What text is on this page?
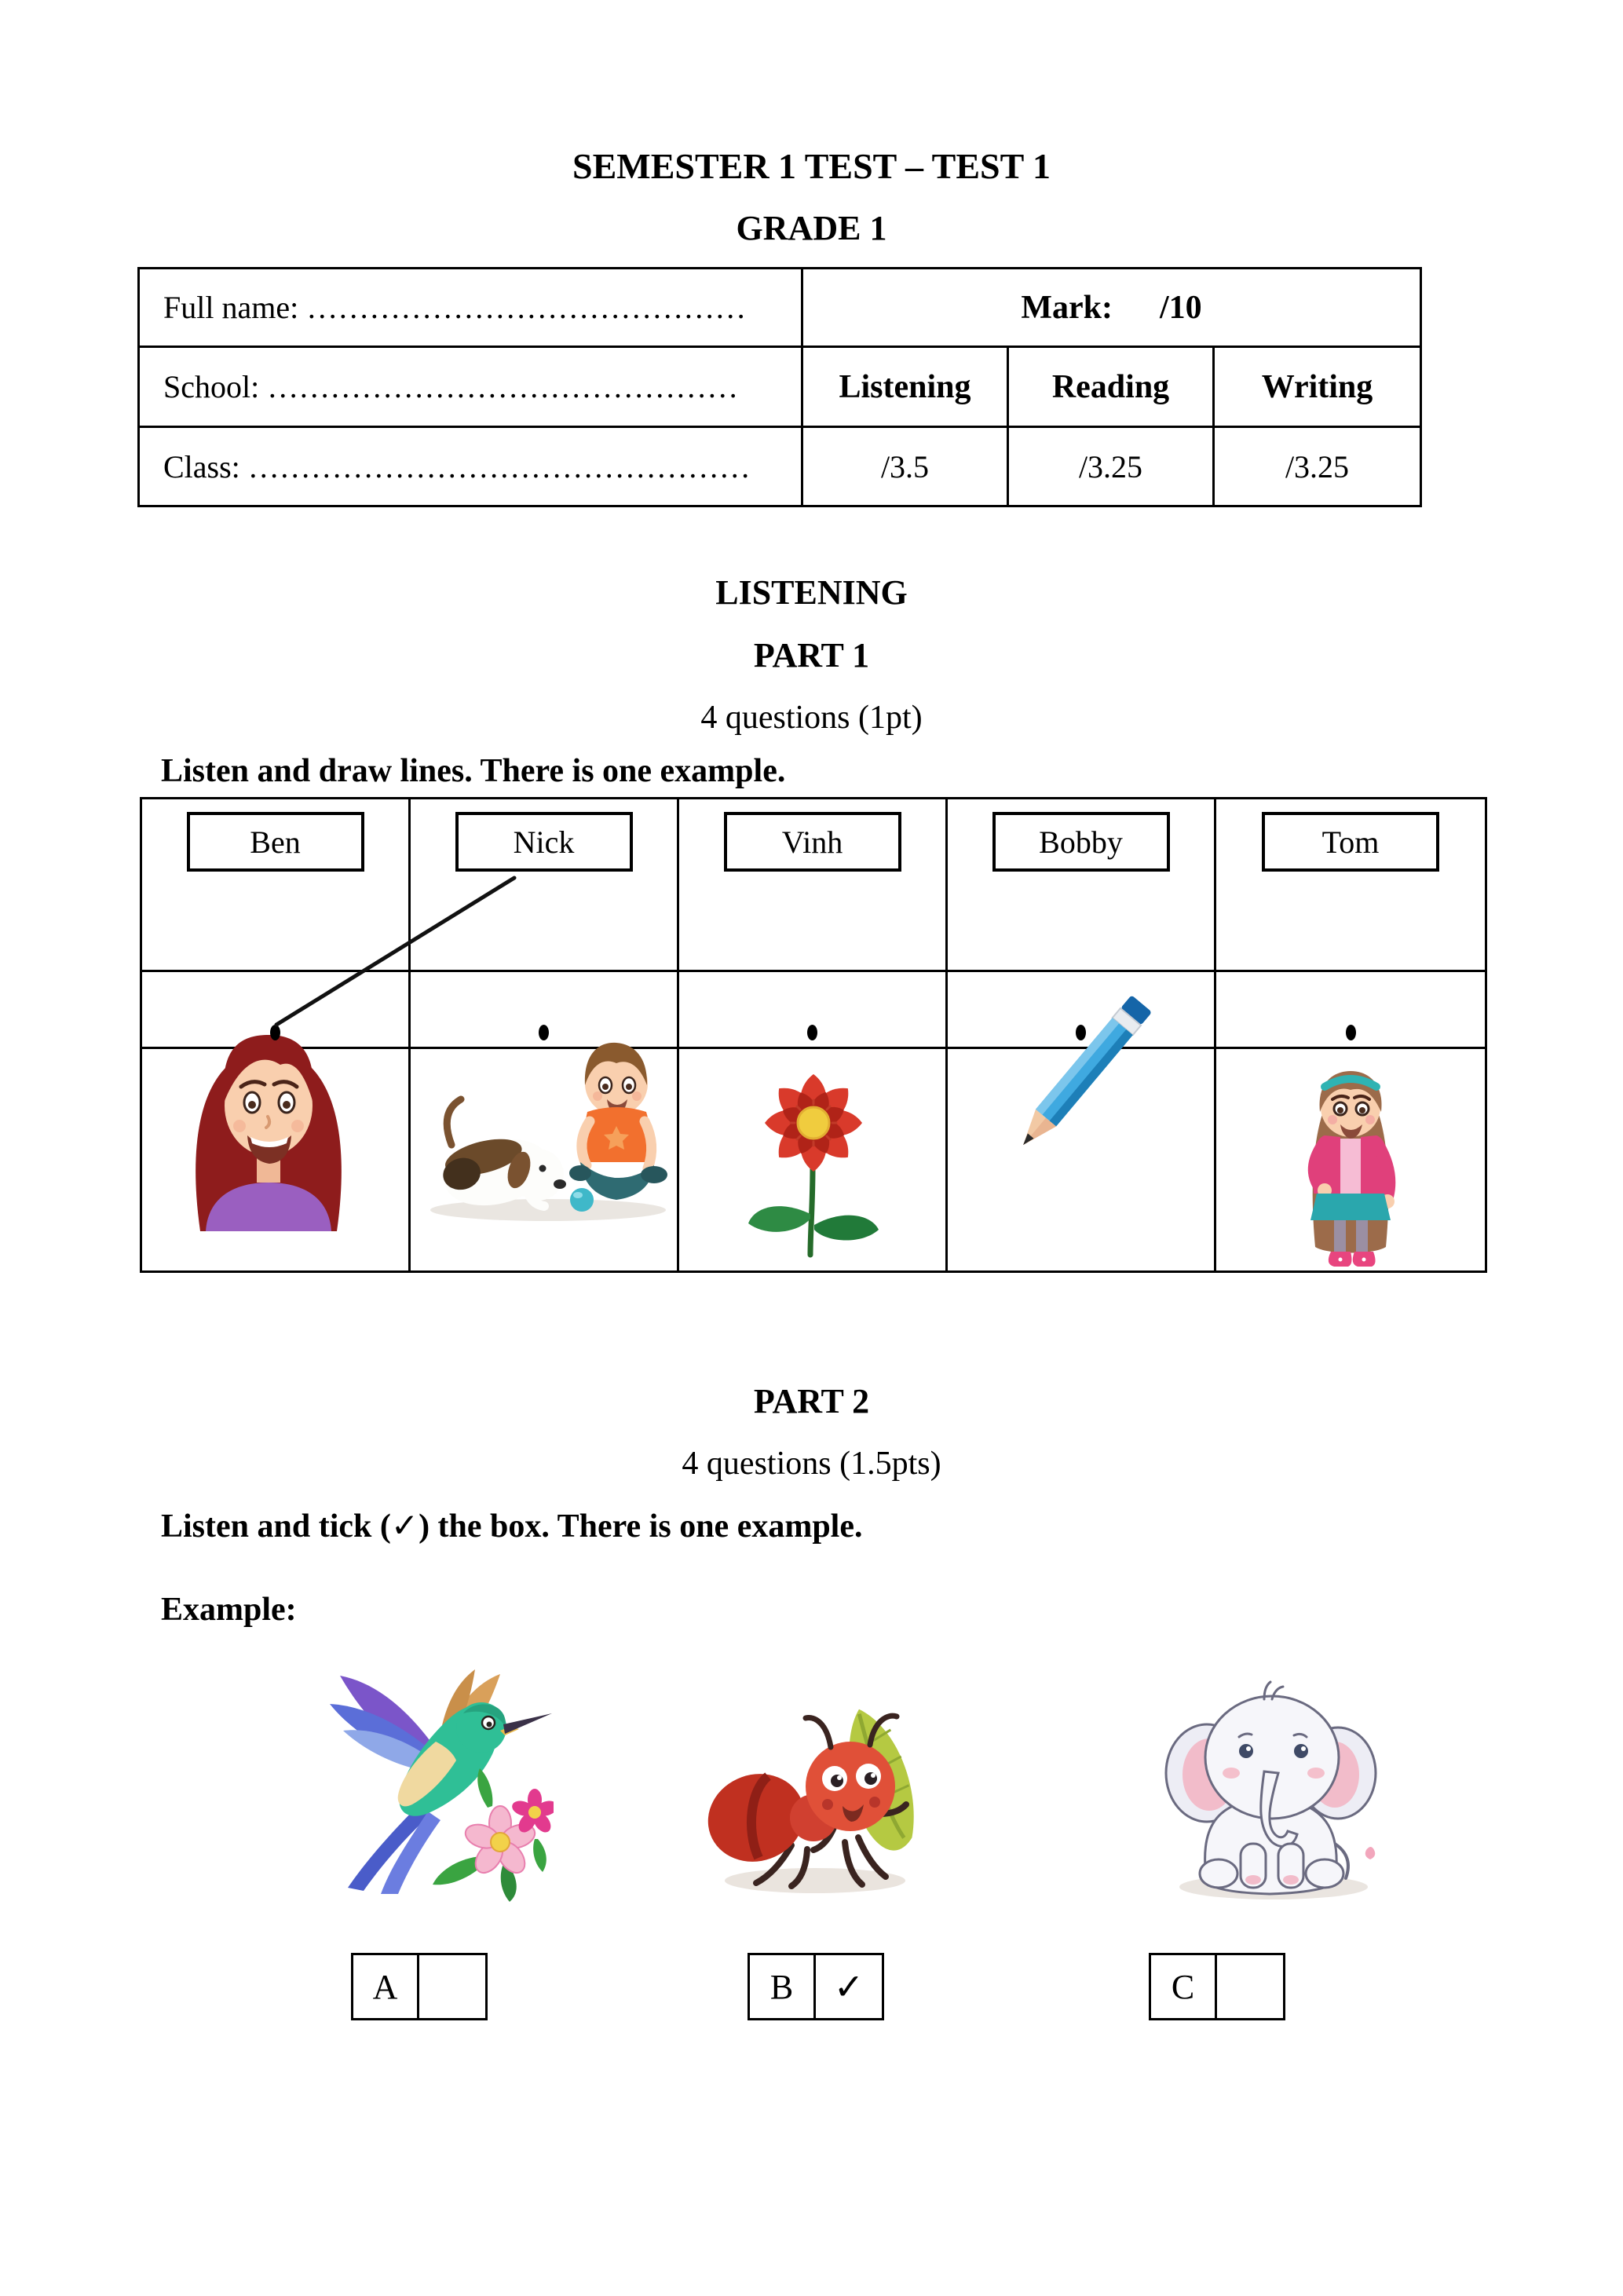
SEMESTER 1 TEST – TEST 1
GRADE 1
Full name: ……………………………………	Mark: /10
School: ………………………………………	Listening	Reading	Writing
Class: …………………………………………	/3.5	/3.25	/3.25
LISTENING
PART 1
4 questions (1pt)
Listen and draw lines. There is one example.
Ben	Nick	Vinh	Bobby	Tom
PART 2
4 questions (1.5pts)
Listen and tick (✓) the box. There is one example.
Example:
A	B	✓	C
